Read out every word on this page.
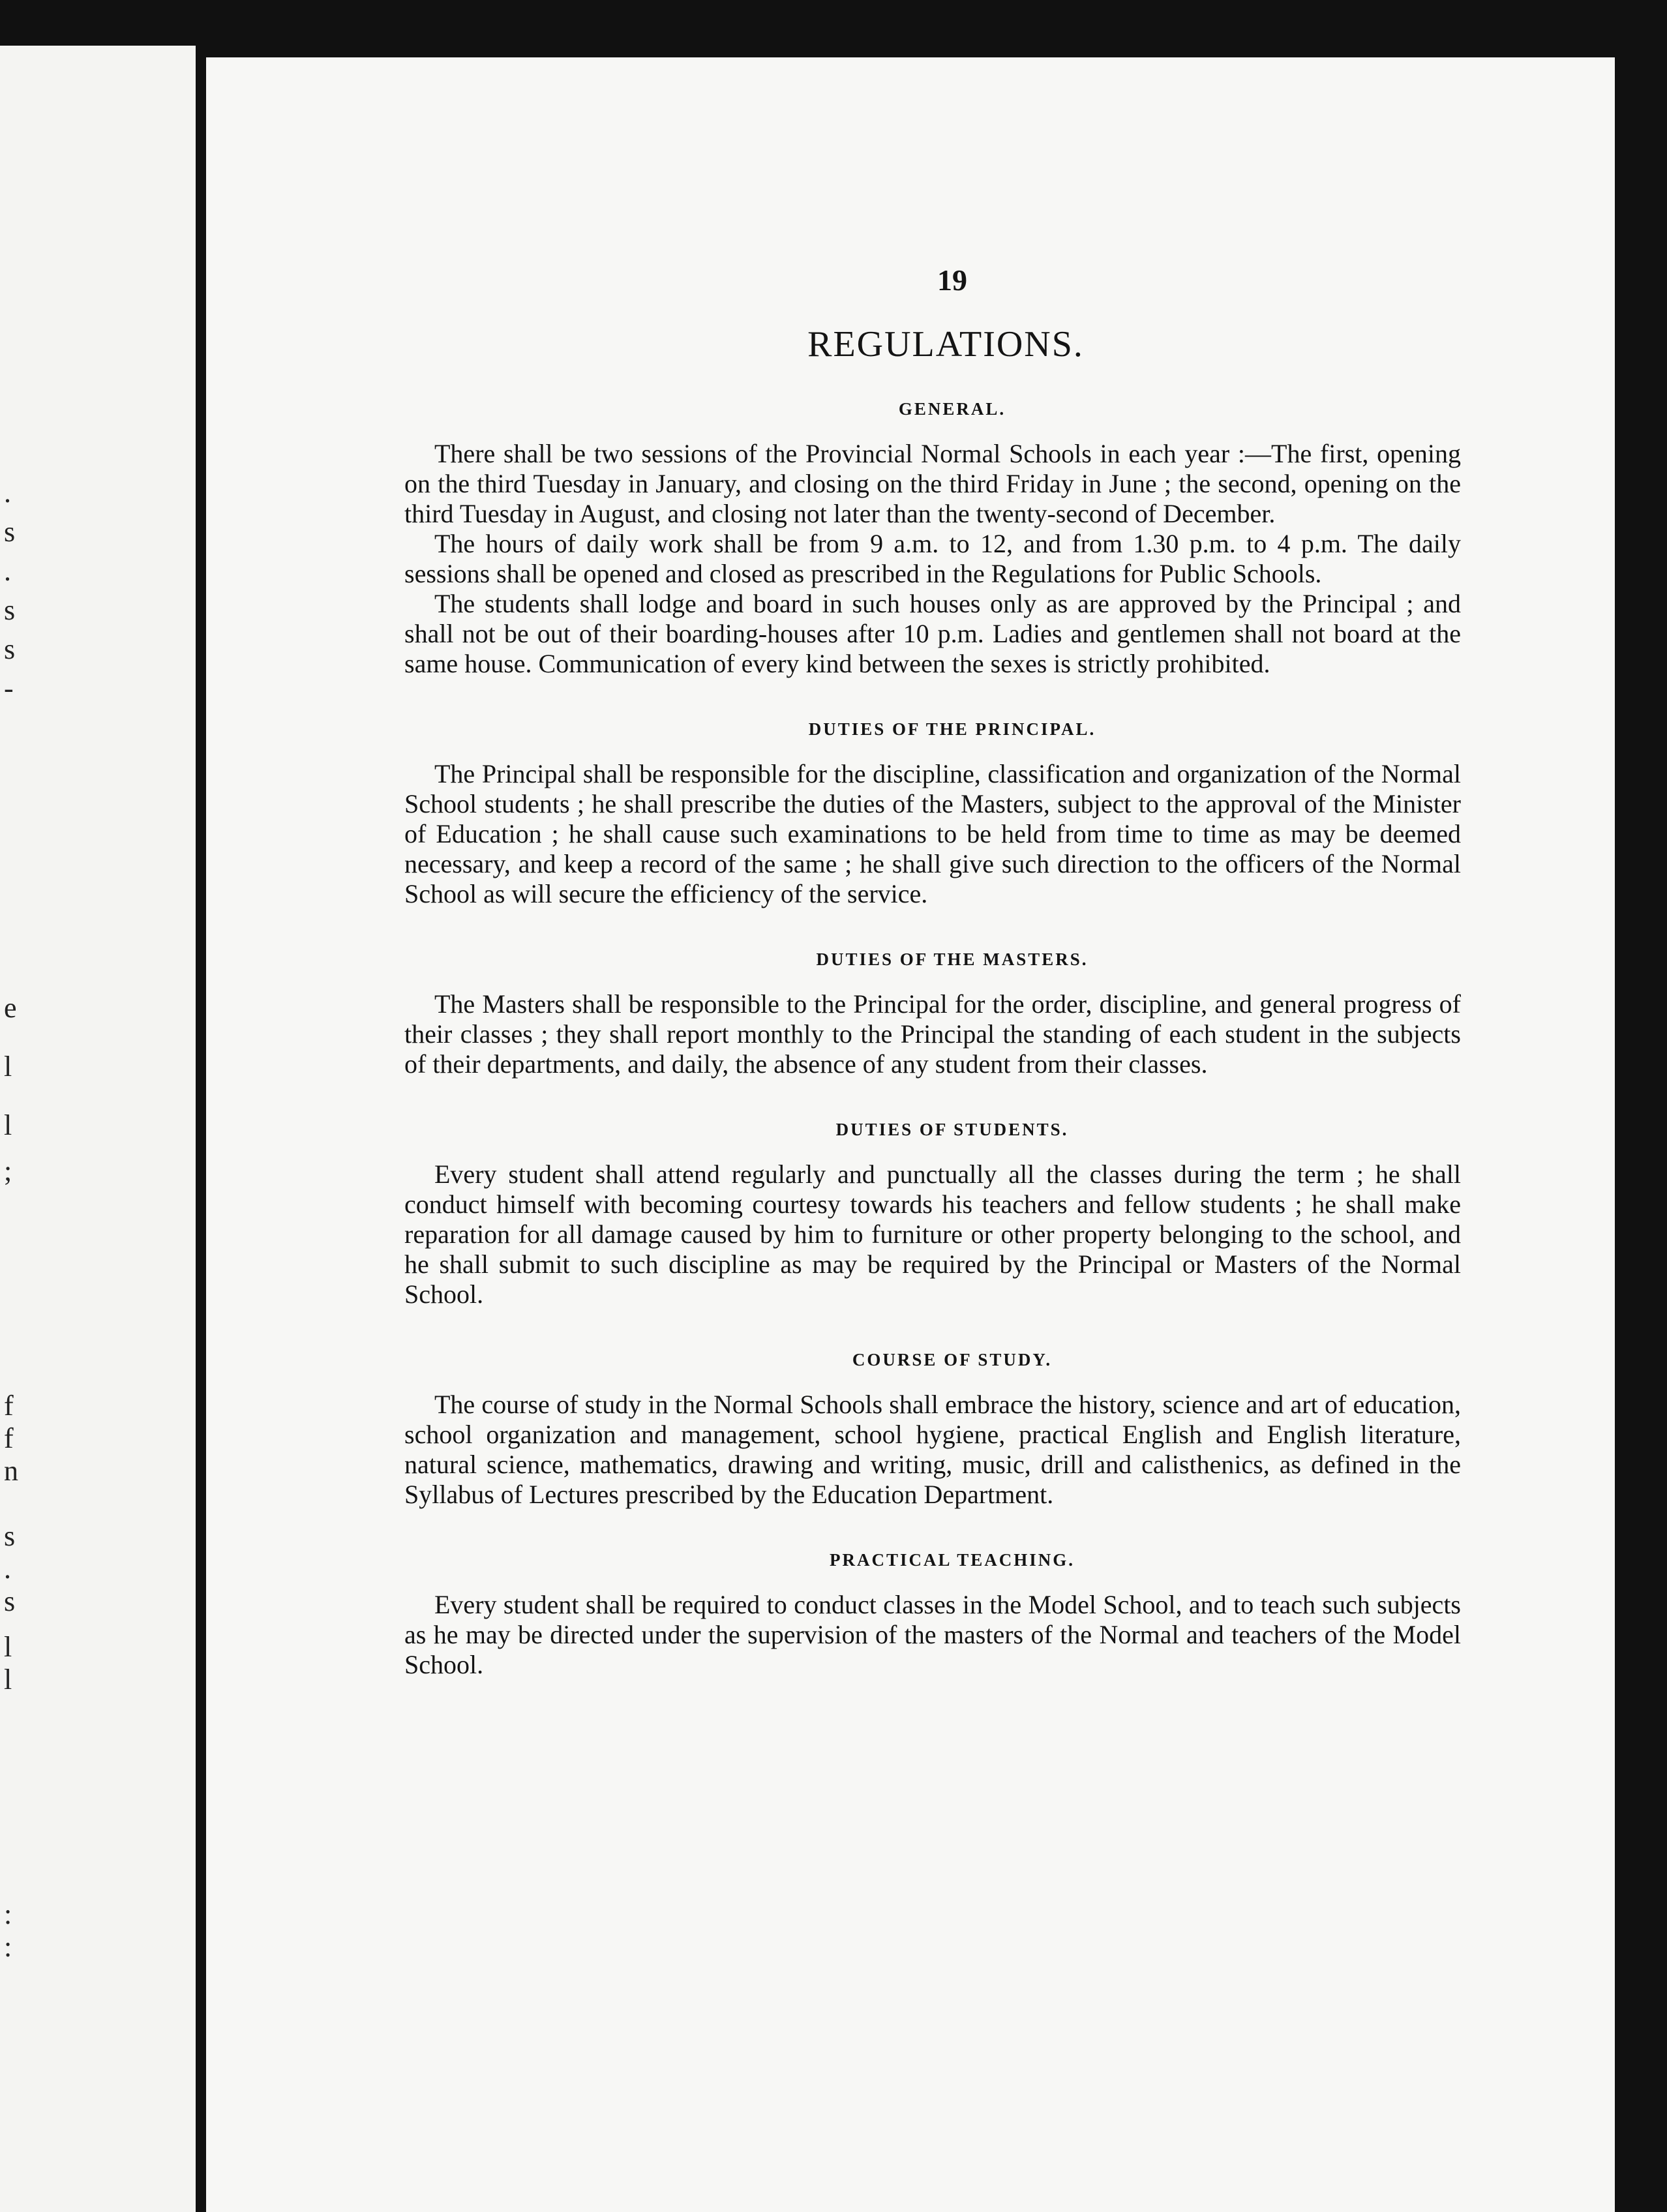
.
s
.
s
s
-
e
l
l
;
f
f
n
s
.
s
l
l
:
:
19
REGULATIONS.
GENERAL.

There shall be two sessions of the Provincial Normal Schools in each year :—The first, opening on the third Tuesday in January, and closing on the third Friday in June ; the second, opening on the third Tuesday in August, and closing not later than the twenty-second of December.

The hours of daily work shall be from 9 a.m. to 12, and from 1.30 p.m. to 4 p.m. The daily sessions shall be opened and closed as prescribed in the Regulations for Public Schools.

The students shall lodge and board in such houses only as are approved by the Principal ; and shall not be out of their boarding-houses after 10 p.m. Ladies and gentlemen shall not board at the same house. Communication of every kind between the sexes is strictly prohibited.

DUTIES OF THE PRINCIPAL.

The Principal shall be responsible for the discipline, classification and organization of the Normal School students ; he shall prescribe the duties of the Masters, subject to the approval of the Minister of Education ; he shall cause such examinations to be held from time to time as may be deemed necessary, and keep a record of the same ; he shall give such direction to the officers of the Normal School as will secure the efficiency of the service.

DUTIES OF THE MASTERS.

The Masters shall be responsible to the Principal for the order, discipline, and general progress of their classes ; they shall report monthly to the Principal the standing of each student in the subjects of their departments, and daily, the absence of any student from their classes.

DUTIES OF STUDENTS.

Every student shall attend regularly and punctually all the classes during the term ; he shall conduct himself with becoming courtesy towards his teachers and fellow students ; he shall make reparation for all damage caused by him to furniture or other property belonging to the school, and he shall submit to such discipline as may be required by the Principal or Masters of the Normal School.

COURSE OF STUDY.

The course of study in the Normal Schools shall embrace the history, science and art of education, school organization and management, school hygiene, practical English and English literature, natural science, mathematics, drawing and writing, music, drill and calisthenics, as defined in the Syllabus of Lectures prescribed by the Education Department.

PRACTICAL TEACHING.

Every student shall be required to conduct classes in the Model School, and to teach such subjects as he may be directed under the supervision of the masters of the Normal and teachers of the Model School.
